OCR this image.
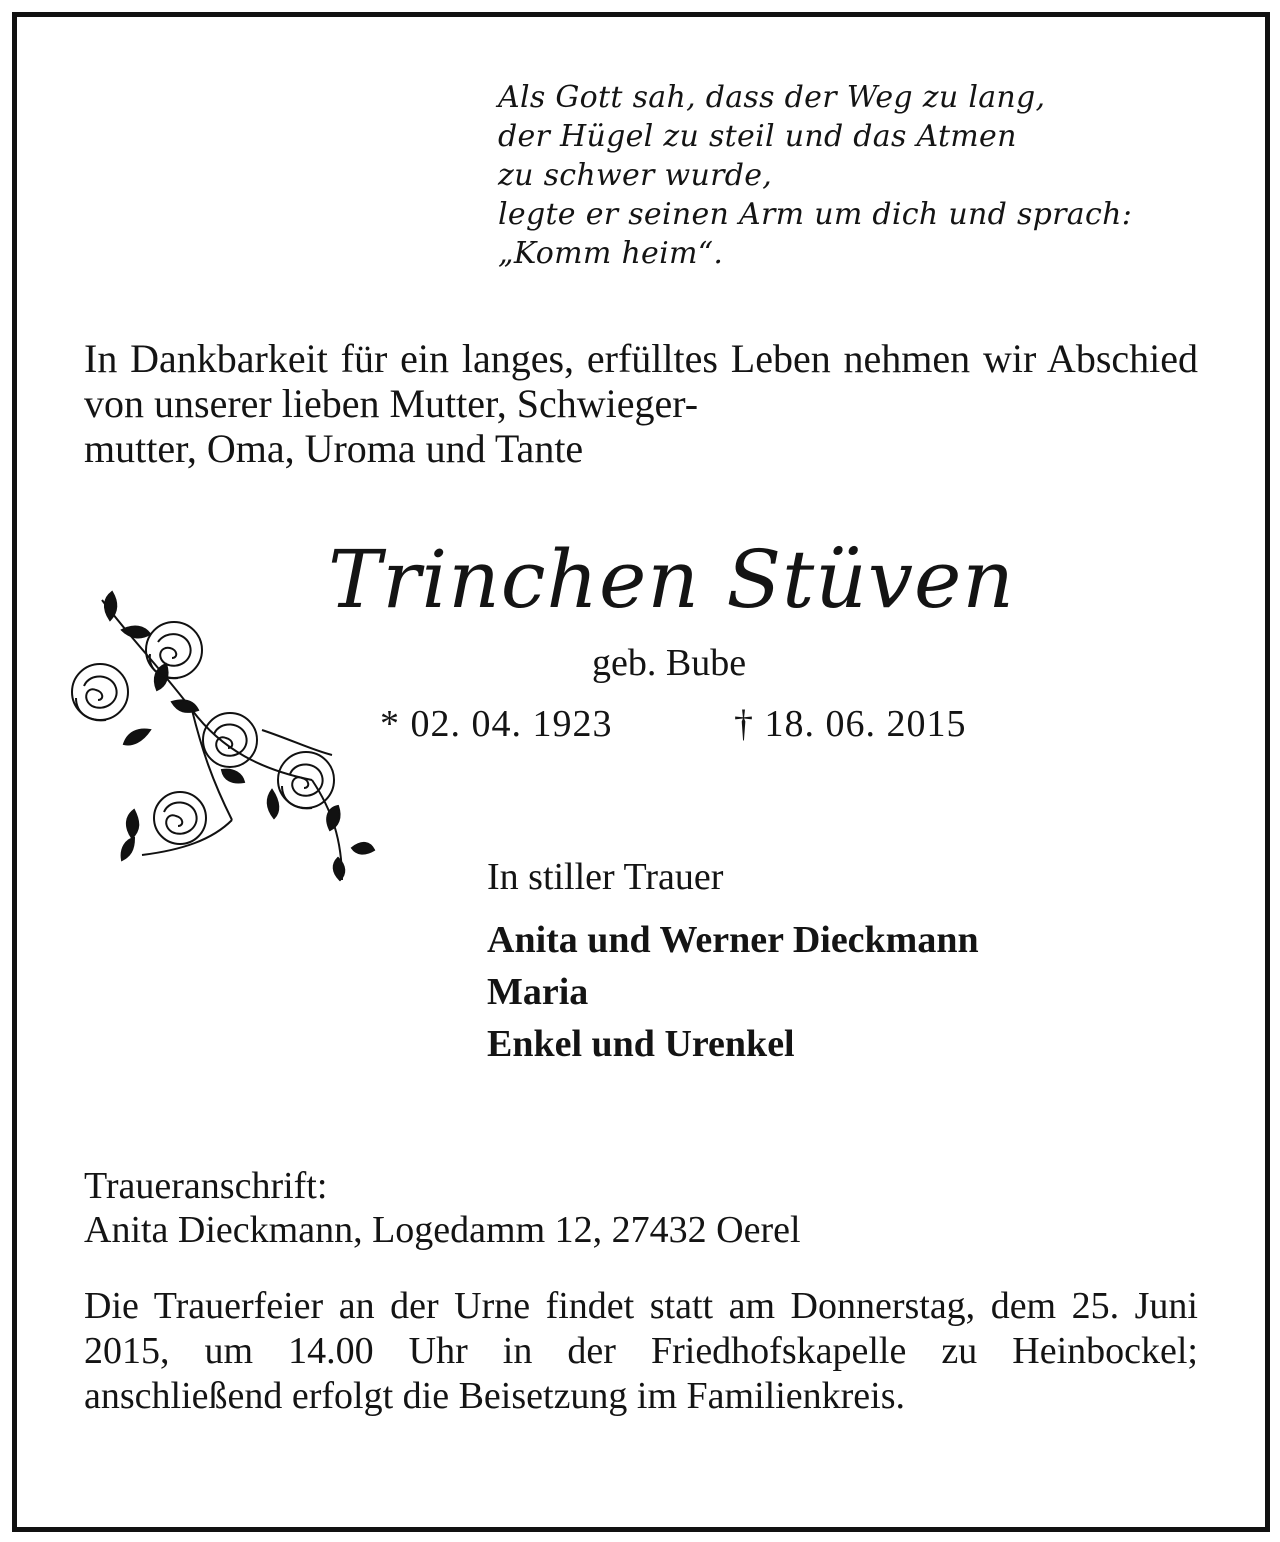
Als Gott sah, dass der Weg zu lang,
der Hügel zu steil und das Atmen
zu schwer wurde,
legte er seinen Arm um dich und sprach:
„Komm heim“.
In Dankbarkeit für ein langes, erfülltes Leben nehmen wir Abschied von unserer lieben Mutter, Schwieger-
mutter, Oma, Uroma und Tante
Trinchen Stüven
geb. Bube
* 02. 04. 1923	† 18. 06. 2015
In stiller Trauer
Anita und Werner Dieckmann
Maria
Enkel und Urenkel
Traueranschrift:
Anita Dieckmann, Logedamm 12, 27432 Oerel
Die Trauerfeier an der Urne findet statt am Donnerstag, dem 25. Juni 2015, um 14.00 Uhr in der Friedhofskapelle zu Heinbockel; anschließend erfolgt die Beisetzung im Familienkreis.
